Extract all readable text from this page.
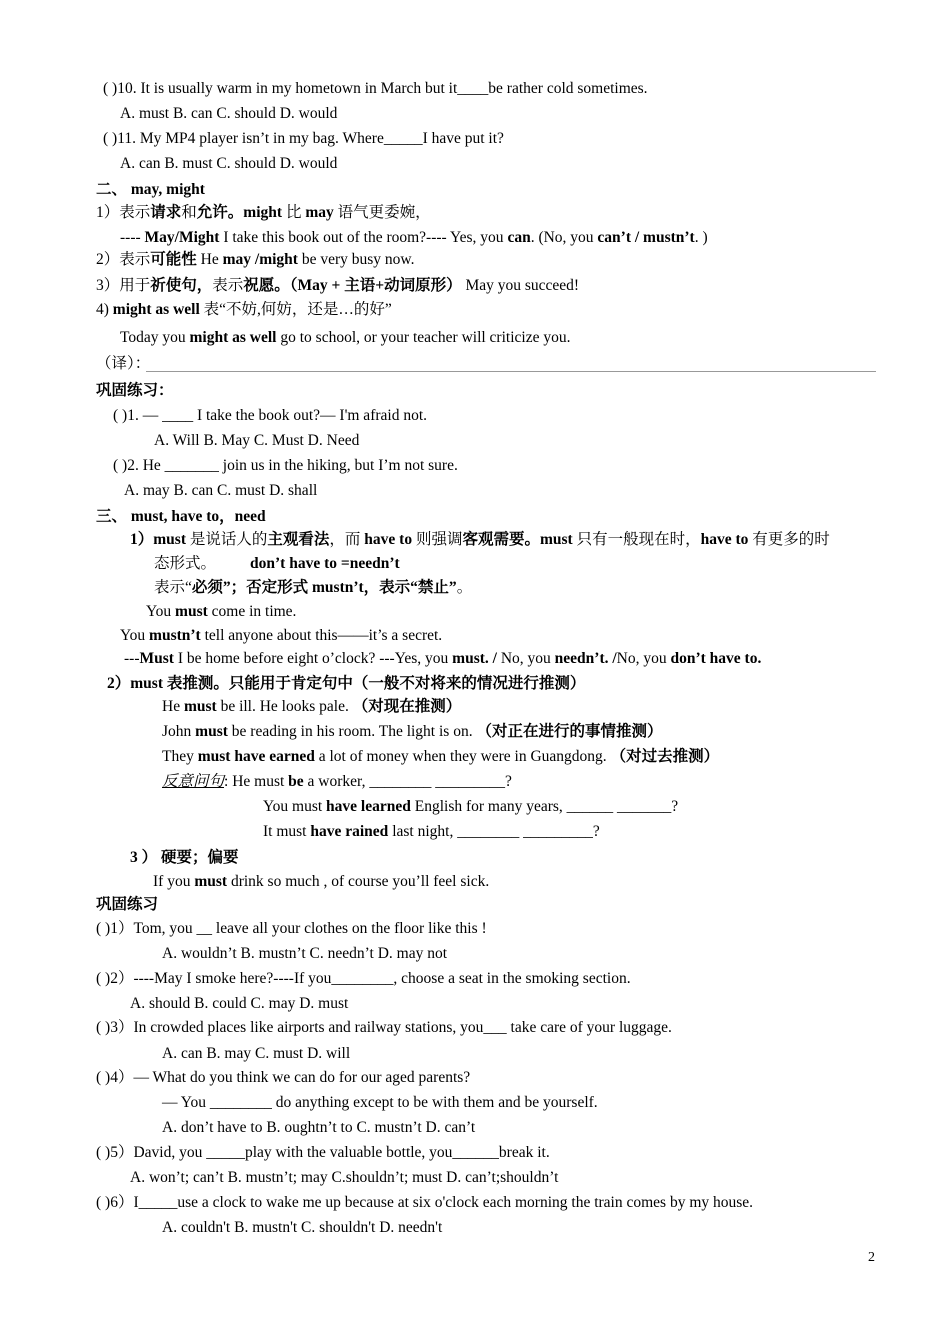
( )10. It is usually warm in my hometown in March but it____be rather cold sometimes.
A. must B. can C. should D. would
( )11. My MP4 player isn’t in my bag. Where_____I have put it?
A. can B. must C. should D. would
二、 may, might
1）表示请求和允许。might 比 may 语气更委婉，
---- May/Might I take this book out of the room?---- Yes, you can. (No, you can’t / mustn’t. )
2）表示可能性 He may /might be very busy now.
3）用于祈使句，表示祝愿。（May + 主语+动词原形） May you succeed!
4) might as well 表“不妨,何妨，还是…的好”
Today you might as well go to school, or your teacher will criticize you.
（译）：
巩固练习：
( )1. — ____ I take the book out?— I'm afraid not.
A. Will B. May C. Must D. Need
( )2. He _______ join us in the hiking, but I’m not sure.
A. may B. can C. must D. shall
三、 must, have to，need
1）must 是说话人的主观看法，而 have to 则强调客观需要。must 只有一般现在时，have to 有更多的时
态形式。 don’t have to =needn’t
表示“必须”；否定形式 mustn’t，表示“禁止”。
You must come in time.
You mustn’t tell anyone about this——it’s a secret.
---Must I be home before eight o’clock? ---Yes, you must. / No, you needn’t. /No, you don’t have to.
2）must 表推测。只能用于肯定句中（一般不对将来的情况进行推测）
He must be ill. He looks pale. （对现在推测）
John must be reading in his room. The light is on. （对正在进行的事情推测）
They must have earned a lot of money when they were in Guangdong. （对过去推测）
反意问句: He must be a worker, ________ _________?
You must have learned English for many years, ______ _______?
It must have rained last night, ________ _________?
3 ） 硬要；偏要
If you must drink so much , of course you’ll feel sick.
巩固练习
( )1）Tom, you __ leave all your clothes on the floor like this !
A. wouldn’t B. mustn’t C. needn’t D. may not
( )2）----May I smoke here?----If you________, choose a seat in the smoking section.
A. should B. could C. may D. must
( )3）In crowded places like airports and railway stations, you___ take care of your luggage.
A. can B. may C. must D. will
( )4）— What do you think we can do for our aged parents?
— You ________ do anything except to be with them and be yourself.
A. don’t have to B. oughtn’t to C. mustn’t D. can’t
( )5）David, you _____play with the valuable bottle, you______break it.
A. won’t; can’t B. mustn’t; may C.shouldn’t; must D. can’t;shouldn’t
( )6）I_____use a clock to wake me up because at six o'clock each morning the train comes by my house.
A. couldn't B. mustn't C. shouldn't D. needn't
2
